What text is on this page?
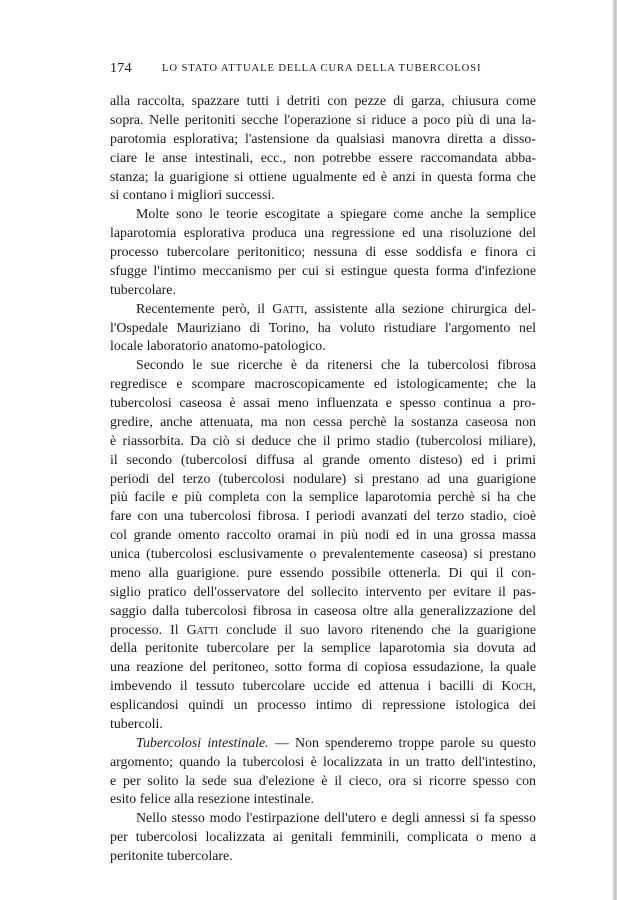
174	LO STATO ATTUALE DELLA CURA DELLA TUBERCOLOSI
alla raccolta, spazzare tutti i detriti con pezze di garza, chiusura come
sopra. Nelle peritoniti secche l'operazione si riduce a poco più di una la-
parotomia esplorativa; l'astensione da qualsiasi manovra diretta a disso-
ciare le anse intestinali, ecc., non potrebbe essere raccomandata abba-
stanza; la guarigione si ottiene ugualmente ed è anzi in questa forma che
si contano i migliori successi.
Molte sono le teorie escogitate a spiegare come anche la semplice
laparotomia esplorativa produca una regressione ed una risoluzione del
processo tubercolare peritonitico; nessuna di esse soddisfa e finora ci
sfugge l'intimo meccanismo per cui si estingue questa forma d'infezione
tubercolare.
Recentemente però, il Gatti, assistente alla sezione chirurgica del-
l'Ospedale Mauriziano di Torino, ha voluto ristudiare l'argomento nel
locale laboratorio anatomo-patologico.
Secondo le sue ricerche è da ritenersi che la tubercolosi fibrosa
regredisce e scompare macroscopicamente ed istologicamente; che la
tubercolosi caseosa è assai meno influenzata e spesso continua a pro-
gredire, anche attenuata, ma non cessa perchè la sostanza caseosa non
è riassorbita. Da ciò si deduce che il primo stadio (tubercolosi miliare),
il secondo (tubercolosi diffusa al grande omento disteso) ed i primi
periodi del terzo (tubercolosi nodulare) si prestano ad una guarigione
più facile e più completa con la semplice laparotomia perchè si ha che
fare con una tubercolosi fibrosa. I periodi avanzati del terzo stadio, cioè
col grande omento raccolto oramai in più nodi ed in una grossa massa
unica (tubercolosi esclusivamente o prevalentemente caseosa) si prestano
meno alla guarigione. pure essendo possibile ottenerla. Di qui il con-
siglio pratico dell'osservatore del sollecito intervento per evitare il pas-
saggio dalla tubercolosi fibrosa in caseosa oltre alla generalizzazione del
processo. Il Gatti conclude il suo lavoro ritenendo che la guarigione
della peritonite tubercolare per la semplice laparotomia sia dovuta ad
una reazione del peritoneo, sotto forma di copiosa essudazione, la quale
imbevendo il tessuto tubercolare uccide ed attenua i bacilli di Koch,
esplicandosi quindi un processo intimo di repressione istologica dei
tubercoli.
Tubercolosi intestinale. — Non spenderemo troppe parole su questo
argomento; quando la tubercolosi è localizzata in un tratto dell'intestino,
e per solito la sede sua d'elezione è il cieco, ora si ricorre spesso con
esito felice alla resezione intestinale.
Nello stesso modo l'estirpazione dell'utero e degli annessi si fa spesso
per tubercolosi localizzata ai genitali femminili, complicata o meno a
peritonite tubercolare.
